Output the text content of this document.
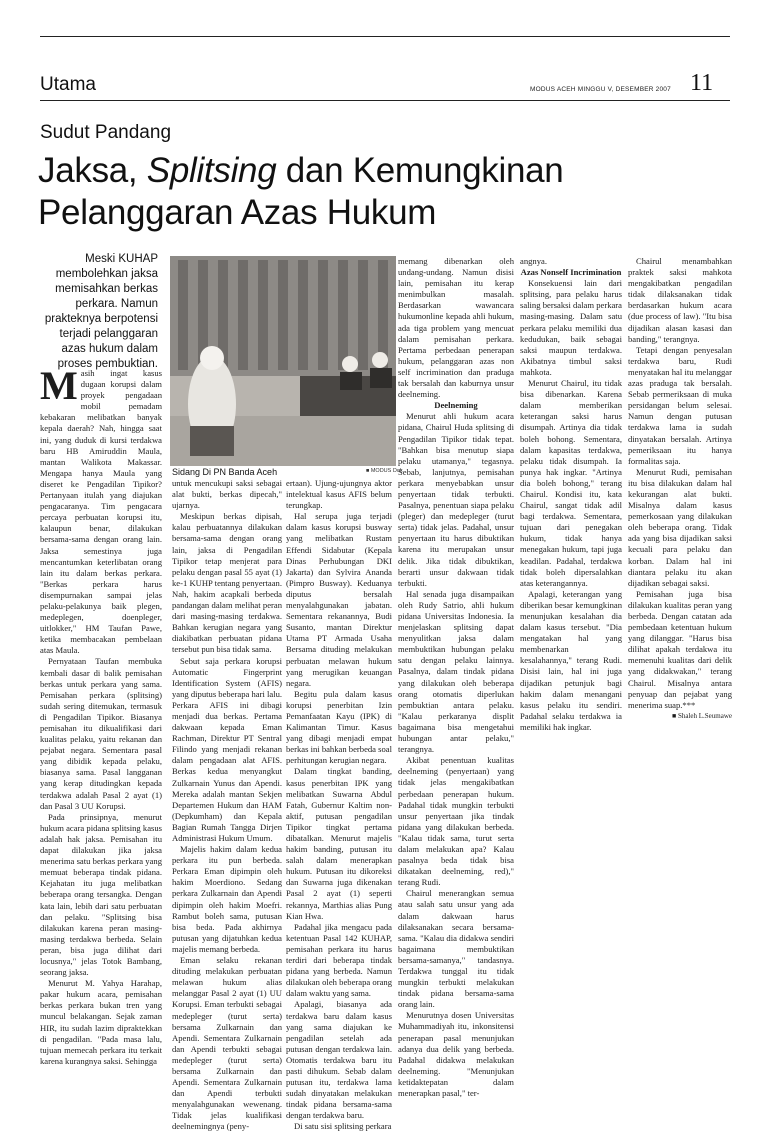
Utama	MODUS ACEH MINGGU V, DESEMBER 2007 11
Sudut Pandang
Jaksa, Splitsing dan Kemungkinan
Pelanggaran Azas Hukum
Meski KUHAP membolehkan jaksa memisahkan berkas perkara. Namun prakteknya berpotensi terjadi pelanggaran azas hukum dalam proses pembuktian.
Sidang Di PN Banda Aceh	■ MODUS Dok

Masih ingat kasus dugaan korupsi dalam proyek pengadaan mobil pemadam kebakaran melibatkan banyak kepala daerah? Nah, hingga saat ini, yang duduk di kursi terdakwa baru HB Amiruddin Maula, mantan Walikota Makassar. Mengapa hanya Maula yang diseret ke Pengadilan Tipikor? Pertanyaan itulah yang diajukan pengacaranya. Tim pengacara percaya perbuatan korupsi itu, kalaupun benar, dilakukan bersama-sama dengan orang lain. Jaksa semestinya juga mencantumkan keterlibatan orang lain itu dalam berkas perkara. "Berkas perkara harus disempurnakan sampai jelas pelaku-pelakunya baik plegen, medeplegen, doenpleger, uitlokker," HM Taufan Pawe, ketika membacakan pembelaan atas Maula.

Pernyataan Taufan membuka kembali dasar di balik pemisahan berkas untuk perkara yang sama. Pemisahan perkara (splitsing) sudah sering ditemukan, termasuk di Pengadilan Tipikor. Biasanya pemisahan itu dikualifikasi dari kualitas pelaku, yaitu rekanan dan pejabat negara. Sementara pasal yang dibidik kepada pelaku, biasanya sama. Pasal langganan yang kerap ditudingkan kepada terdakwa adalah Pasal 2 ayat (1) dan Pasal 3 UU Korupsi.

Pada prinsipnya, menurut hukum acara pidana splitsing kasus adalah hak jaksa. Pemisahan itu dapat dilakukan jika jaksa menerima satu berkas perkara yang memuat beberapa tindak pidana. Kejahatan itu juga melibatkan beberapa orang tersangka. Dengan kata lain, lebih dari satu perbuatan dan pelaku. "Splitsing bisa dilakukan karena peran masing-masing terdakwa berbeda. Selain peran, bisa juga dilihat dari locusnya," jelas Totok Bambang, seorang jaksa.

Menurut M. Yahya Harahap, pakar hukum acara, pemisahan berkas perkara bukan tren yang muncul belakangan. Sejak zaman HIR, itu sudah lazim dipraktekkan di pengadilan. "Pada masa lalu, tujuan memecah perkara itu terkait karena kurangnya saksi. Sehingga

untuk mencukupi saksi sebagai alat bukti, berkas dipecah," ujarnya.

Meskipun berkas dipisah, kalau perbuatannya dilakukan bersama-sama dengan orang lain, jaksa di Pengadilan Tipikor tetap menjerat para pelaku dengan pasal 55 ayat (1) ke-1 KUHP tentang penyertaan. Nah, hakim acapkali berbeda pandangan dalam melihat peran dari masing-masing terdakwa. Bahkan kerugian negara yang diakibatkan perbuatan pidana tersebut pun bisa tidak sama.

Sebut saja perkara korupsi Automatic Fingerprint Identification System (AFIS) yang diputus beberapa hari lalu. Perkara AFIS ini dibagi menjadi dua berkas. Pertama dakwaan kepada Eman Rachman, Direktur PT Sentral Filindo yang menjadi rekanan dalam pengadaan alat AFIS. Berkas kedua menyangkut Zulkarnain Yunus dan Apendi. Mereka adalah mantan Sekjen Departemen Hukum dan HAM (Depkumham) dan Kepala Bagian Rumah Tangga Dirjen Administrasi Hukum Umum.

Majelis hakim dalam kedua perkara itu pun berbeda. Perkara Eman dipimpin oleh hakim Moerdiono. Sedang perkara Zulkarnain dan Apendi dipimpin oleh hakim Moefri. Rambut boleh sama, putusan bisa beda. Pada akhirnya putusan yang dijatuhkan kedua majelis memang berbeda.

Eman selaku rekanan dituding melakukan perbuatan melawan hukum alias melanggar Pasal 2 ayat (1) UU Korupsi. Eman terbukti sebagai medepleger (turut serta) bersama Zulkarnain dan Apendi. Sementara Zulkarnain dan Apendi terbukti sebagai medepleger (turut serta) bersama Zulkarnain dan Apendi. Sementara Zulkarnain dan Apendi terbukti menyalahgunakan wewenang. Tidak jelas kualifikasi deelnemingnya (peny-

ertaan). Ujung-ujungnya aktor intelektual kasus AFIS belum terungkap.

Hal serupa juga terjadi dalam kasus korupsi busway yang melibatkan Rustam Effendi Sidabutar (Kepala Dinas Perhubungan DKI Jakarta) dan Sylvira Ananda (Pimpro Busway). Keduanya diputus bersalah menyalahgunakan jabatan. Sementara rekanannya, Budi Susanto, mantan Direktur Utama PT Armada Usaha Bersama dituding melakukan perbuatan melawan hukum yang merugikan keuangan negara.

Begitu pula dalam kasus korupsi penerbitan Izin Pemanfaatan Kayu (IPK) di Kalimantan Timur. Kasus yang dibagi menjadi empat berkas ini bahkan berbeda soal perhitungan kerugian negara.

Dalam tingkat banding, kasus penerbitan IPK yang melibatkan Suwarna Abdul Fatah, Gubernur Kaltim non-aktif, putusan pengadilan Tipikor tingkat pertama dibatalkan. Menurut majelis hakim banding, putusan itu salah dalam menerapkan hukum. Putusan itu dikoreksi dan Suwarna juga dikenakan Pasal 2 ayat (1) seperti rekannya, Marthias alias Pung Kian Hwa.

Padahal jika mengacu pada ketentuan Pasal 142 KUHAP, pemisahan perkara itu harus terdiri dari beberapa tindak pidana yang berbeda. Namun dilakukan oleh beberapa orang dalam waktu yang sama.

Apalagi, biasanya ada terdakwa baru dalam kasus yang sama diajukan ke pengadilan setelah ada putusan dengan terdakwa lain. Otomatis terdakwa baru itu pasti dihukum. Sebab dalam putusan itu, terdakwa lama sudah dinyatakan melakukan tindak pidana bersama-sama dengan terdakwa baru.

Di satu sisi splitsing perkara

memang dibenarkan oleh undang-undang. Namun disisi lain, pemisahan itu kerap menimbulkan masalah. Berdasarkan wawancara hukumonline kepada ahli hukum, ada tiga problem yang mencuat dalam pemisahan perkara. Pertama perbedaan penerapan hukum, pelanggaran azas non self incrimination dan praduga tak bersalah dan kaburnya unsur deelneming.

Deelneming

Menurut ahli hukum acara pidana, Chairul Huda splitsing di Pengadilan Tipikor tidak tepat. "Bahkan bisa menutup siapa pelaku utamanya," tegasnya. Sebab, lanjutnya, pemisahan perkara menyebabkan unsur penyertaan tidak terbukti. Pasalnya, penentuan siapa pelaku (pleger) dan medepleger (turut serta) tidak jelas. Padahal, unsur penyertaan itu harus dibuktikan karena itu merupakan unsur delik. Jika tidak dibuktikan, berarti unsur dakwaan tidak terbukti.

Hal senada juga disampaikan oleh Rudy Satrio, ahli hukum pidana Universitas Indonesia. Ia menjelaskan splitsing dapat menyulitkan jaksa dalam membuktikan hubungan pelaku satu dengan pelaku lainnya. Pasalnya, dalam tindak pidana yang dilakukan oleh beberapa orang otomatis diperlukan pembuktian antara pelaku. "Kalau perkaranya displit bagaimana bisa mengetahui hubungan antar pelaku," terangnya.

Akibat penentuan kualitas deelneming (penyertaan) yang tidak jelas mengakibatkan perbedaan penerapan hukum. Padahal tidak mungkin terbukti unsur penyertaan jika tindak pidana yang dilakukan berbeda. "Kalau tidak sama, turut serta dalam melakukan apa? Kalau pasalnya beda tidak bisa dikatakan deelneming, red)," terang Rudi.

Chairul menerangkan semua atau salah satu unsur yang ada dalam dakwaan harus dilaksanakan secara bersama-sama. "Kalau dia didakwa sendiri bagaimana membuktikan bersama-samanya," tandasnya. Terdakwa tunggal itu tidak mungkin terbukti melakukan tindak pidana bersama-sama orang lain.

Menurutnya dosen Universitas Muhammadiyah itu, inkonsitensi penerapan pasal menunjukan adanya dua delik yang berbeda. Padahal didakwa melakukan deelneming. "Menunjukan ketidaktepatan dalam menerapkan pasal," ter-

angnya.

Azas Nonself Incrimination

Konsekuensi lain dari splitsing, para pelaku harus saling bersaksi dalam perkara masing-masing. Dalam satu perkara pelaku memiliki dua kedudukan, baik sebagai saksi maupun terdakwa. Akibatnya timbul saksi mahkota.

Menurut Chairul, itu tidak bisa dibenarkan. Karena dalam memberikan keterangan saksi harus disumpah. Artinya dia tidak boleh bohong. Sementara, dalam kapasitas terdakwa, pelaku tidak disumpah. Ia punya hak ingkar. "Artinya dia boleh bohong," terang Chairul. Kondisi itu, kata Chairul, sangat tidak adil bagi terdakwa. Sementara, tujuan dari penegakan hukum, tidak hanya menegakan hukum, tapi juga keadilan. Padahal, terdakwa tidak boleh dipersalahkan atas keterangannya.

Apalagi, keterangan yang diberikan besar kemungkinan menunjukan kesalahan dia dalam kasus tersebut. "Dia mengatakan hal yang membenarkan kesalahannya," terang Rudi. Disisi lain, hal ini juga dijadikan petunjuk bagi hakim dalam menangani kasus pelaku itu sendiri. Padahal selaku terdakwa ia memiliki hak ingkar.

Chairul menambahkan praktek saksi mahkota mengakibatkan pengadilan tidak dilaksanakan tidak berdasarkan hukum acara (due process of law). "Itu bisa dijadikan alasan kasasi dan banding," terangnya.

Tetapi dengan penyesalan terdakwa baru, Rudi menyatakan hal itu melanggar azas praduga tak bersalah. Sebab permeriksaan di muka persidangan belum selesai. Namun dengan putusan terdakwa lama ia sudah dinyatakan bersalah. Artinya pemeriksaan itu hanya formalitas saja.

Menurut Rudi, pemisahan itu bisa dilakukan dalam hal kekurangan alat bukti. Misalnya dalam kasus pemerkosaan yang dilakukan oleh beberapa orang. Tidak ada yang bisa dijadikan saksi kecuali para pelaku dan korban. Dalam hal ini diantara pelaku itu akan dijadikan sebagai saksi.

Pemisahan juga bisa dilakukan kualitas peran yang berbeda. Dengan catatan ada pembedaan ketentuan hukum yang dilanggar. "Harus bisa dilihat apakah terdakwa itu memenuhi kualitas dari delik yang didakwakan," terang Chairul. Misalnya antara penyuap dan pejabat yang menerima suap.***

■ Shaleh L.Seumawe
